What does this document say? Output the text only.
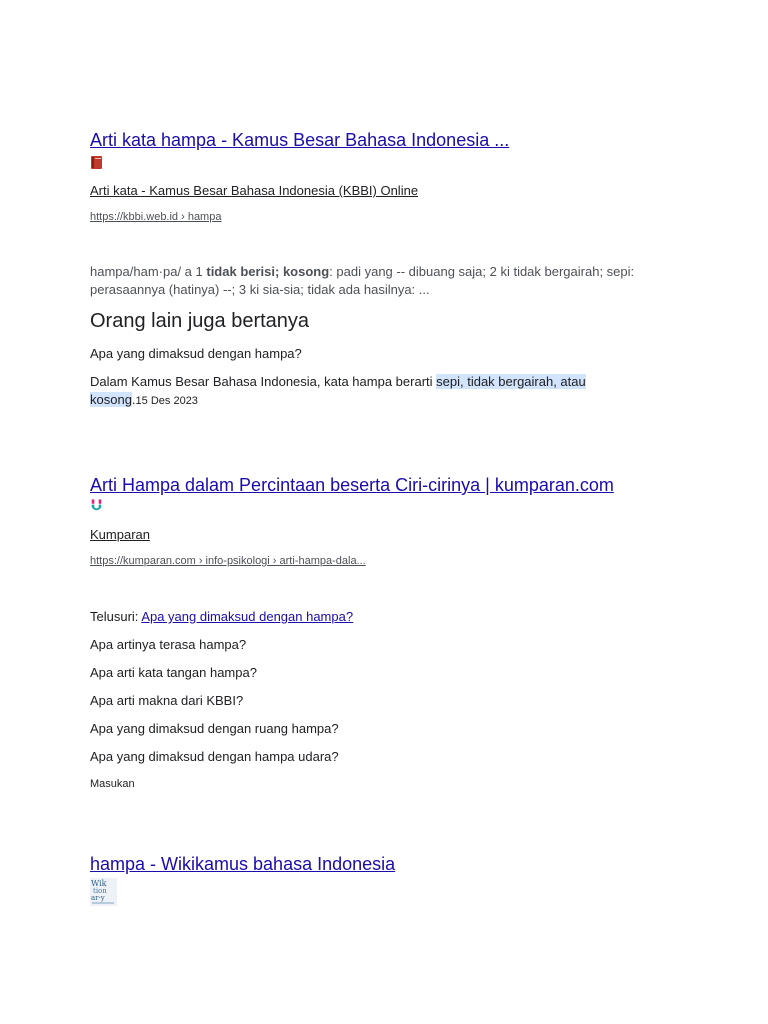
Arti kata hampa - Kamus Besar Bahasa Indonesia ...
Arti kata - Kamus Besar Bahasa Indonesia (KBBI) Online
https://kbbi.web.id › hampa
hampa/ham·pa/ a 1 tidak berisi; kosong: padi yang -- dibuang saja; 2 ki tidak bergairah; sepi: perasaannya (hatinya) --; 3 ki sia-sia; tidak ada hasilnya: ...
Orang lain juga bertanya
Apa yang dimaksud dengan hampa?
Dalam Kamus Besar Bahasa Indonesia, kata hampa berarti sepi, tidak bergairah, atau kosong.15 Des 2023
Arti Hampa dalam Percintaan beserta Ciri-cirinya | kumparan.com
Kumparan
https://kumparan.com › info-psikologi › arti-hampa-dala...
Telusuri: Apa yang dimaksud dengan hampa?
Apa artinya terasa hampa?
Apa arti kata tangan hampa?
Apa arti makna dari KBBI?
Apa yang dimaksud dengan ruang hampa?
Apa yang dimaksud dengan hampa udara?
Masukan
hampa - Wikikamus bahasa Indonesia
Wik
tion
ar·y
